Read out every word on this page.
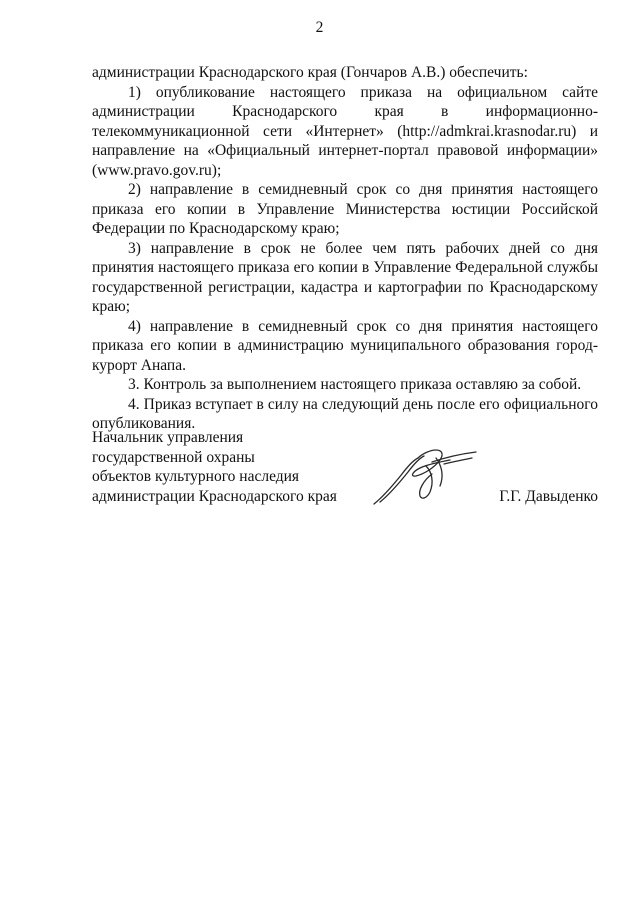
2

администрации Краснодарского края (Гончаров А.В.) обеспечить:

1) опубликование настоящего приказа на официальном сайте администрации Краснодарского края в информационно-телекоммуникационной сети «Интернет» (http://admkrai.krasnodar.ru) и направление на «Официальный интернет-портал правовой информации» (www.pravo.gov.ru);

2) направление в семидневный срок со дня принятия настоящего приказа его копии в Управление Министерства юстиции Российской Федерации по Краснодарскому краю;

3) направление в срок не более чем пять рабочих дней со дня принятия настоящего приказа его копии в Управление Федеральной службы государственной регистрации, кадастра и картографии по Краснодарскому краю;

4) направление в семидневный срок со дня принятия настоящего приказа его копии в администрацию муниципального образования город-курорт Анапа.

3. Контроль за выполнением настоящего приказа оставляю за собой.

4. Приказ вступает в силу на следующий день после его официального опубликования.

Начальник управления
государственной охраны
объектов культурного наследия
администрации Краснодарского края	Г.Г. Давыденко
